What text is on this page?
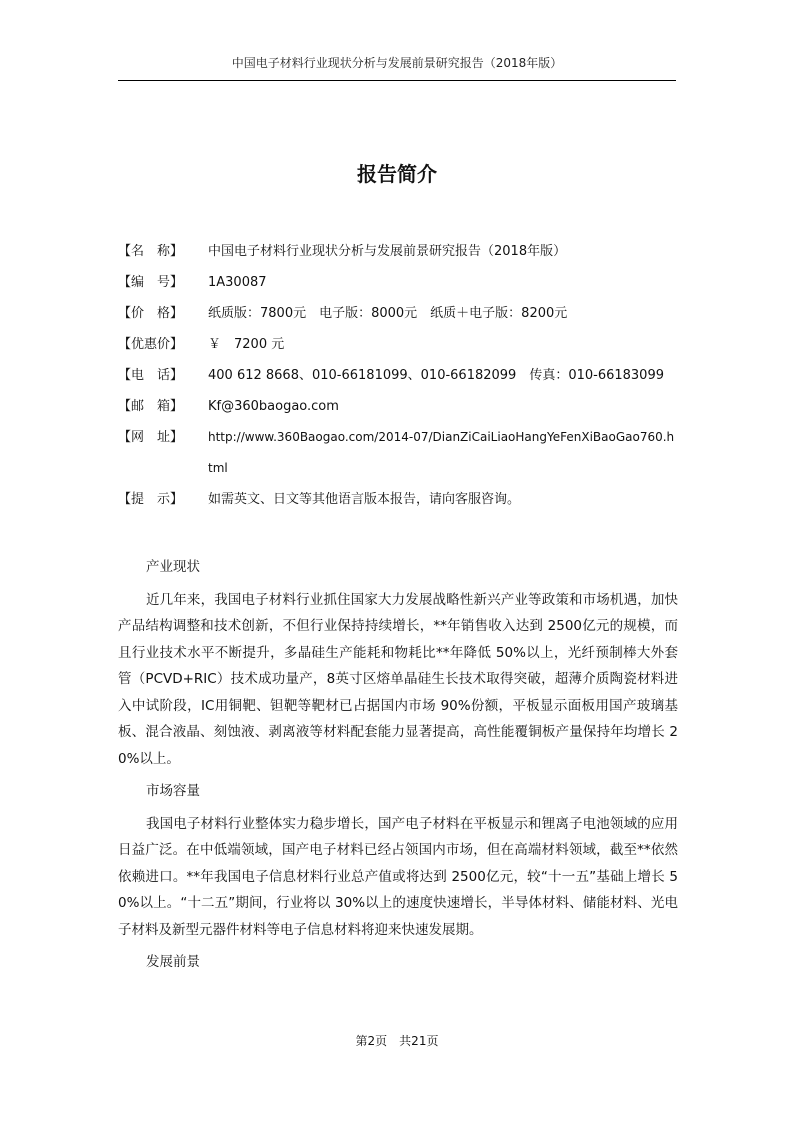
中国电子材料行业现状分析与发展前景研究报告（2018年版）
报告简介
【名　称】	中国电子材料行业现状分析与发展前景研究报告（2018年版）
【编　号】	1A30087
【价　格】	纸质版：7800元　电子版：8000元　纸质＋电子版：8200元
【优惠价】	￥　7200 元
【电　话】	400 612 8668、010-66181099、010-66182099　传真：010-66183099
【邮　箱】	Kf@360baogao.com
【网　址】	http://www.360Baogao.com/2014-07/DianZiCaiLiaoHangYeFenXiBaoGao760.html
【提　示】	如需英文、日文等其他语言版本报告，请向客服咨询。

产业现状

近几年来，我国电子材料行业抓住国家大力发展战略性新兴产业等政策和市场机遇，加快产品结构调整和技术创新，不但行业保持持续增长，**年销售收入达到 2500亿元的规模，而且行业技术水平不断提升，多晶硅生产能耗和物耗比**年降低 50%以上，光纤预制棒大外套管（PCVD+RIC）技术成功量产，8英寸区熔单晶硅生长技术取得突破，超薄介质陶瓷材料进入中试阶段，IC用铜靶、钽靶等靶材已占据国内市场 90%份额，平板显示面板用国产玻璃基板、混合液晶、刻蚀液、剥离液等材料配套能力显著提高，高性能覆铜板产量保持年均增长 20%以上。

市场容量

我国电子材料行业整体实力稳步增长，国产电子材料在平板显示和锂离子电池领域的应用日益广泛。在中低端领域，国产电子材料已经占领国内市场，但在高端材料领域，截至**依然依赖进口。**年我国电子信息材料行业总产值或将达到 2500亿元，较“十一五”基础上增长 50%以上。“十二五”期间，行业将以 30%以上的速度快速增长，半导体材料、储能材料、光电子材料及新型元器件材料等电子信息材料将迎来快速发展期。

发展前景

第2页　共21页
